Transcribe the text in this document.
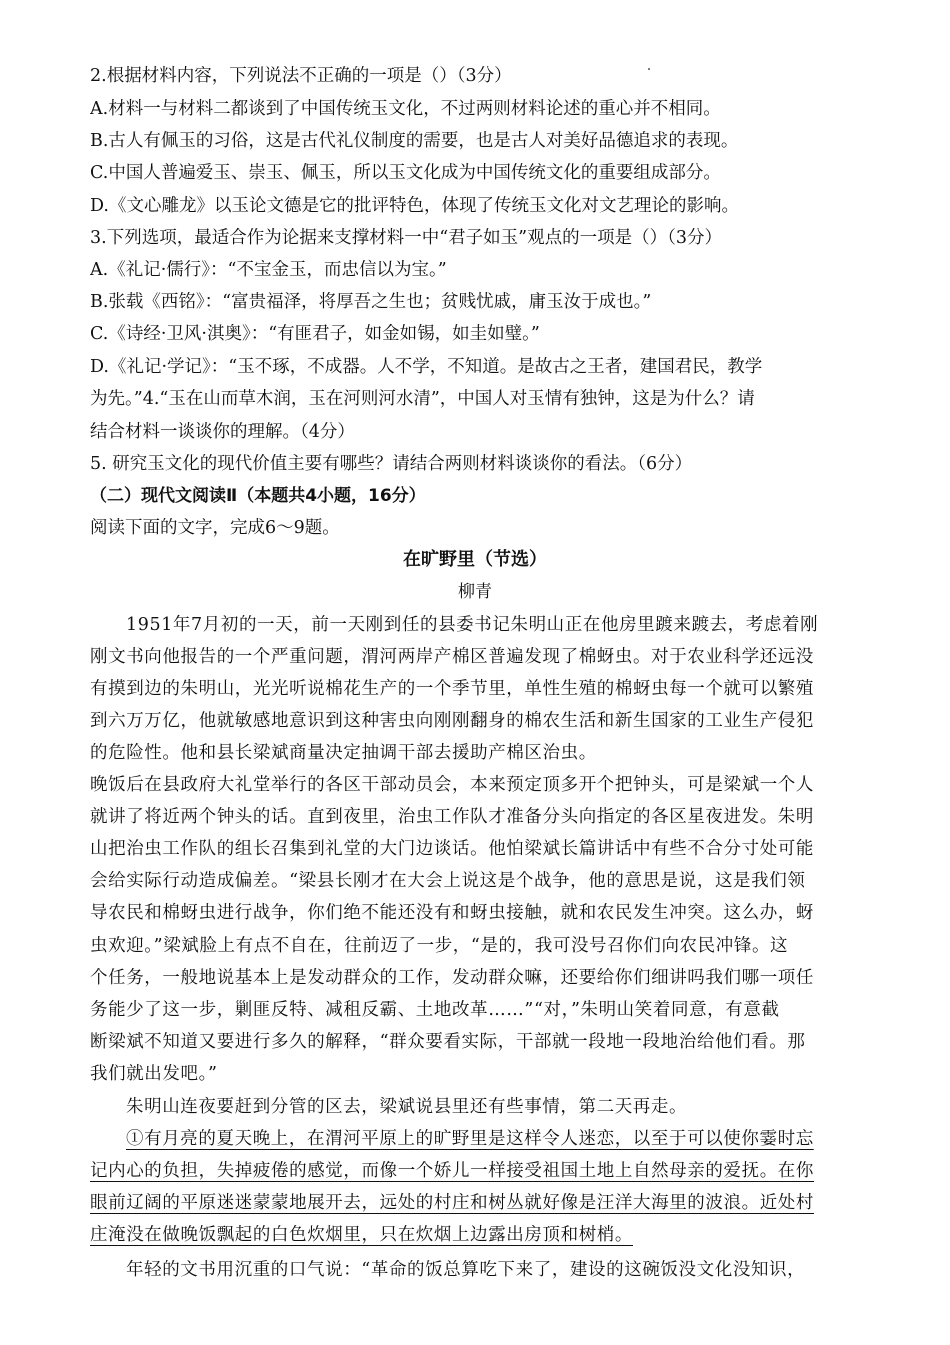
2.根据材料内容，下列说法不正确的一项是（）（3分）
A.材料一与材料二都谈到了中国传统玉文化，不过两则材料论述的重心并不相同。
B.古人有佩玉的习俗，这是古代礼仪制度的需要，也是古人对美好品德追求的表现。
C.中国人普遍爱玉、崇玉、佩玉，所以玉文化成为中国传统文化的重要组成部分。
D.《文心雕龙》以玉论文德是它的批评特色，体现了传统玉文化对文艺理论的影响。
3.下列选项，最适合作为论据来支撑材料一中“君子如玉”观点的一项是（）（3分）
A.《礼记·儒行》：“不宝金玉，而忠信以为宝。”
B.张载《西铭》：“富贵福泽，将厚吾之生也；贫贱忧戚，庸玉汝于成也。”
C.《诗经·卫风·淇奥》：“有匪君子，如金如锡，如圭如璧。”
D.《礼记·学记》：“玉不琢，不成器。人不学，不知道。是故古之王者，建国君民，教学
为先。”4.“玉在山而草木润，玉在河则河水清”，中国人对玉情有独钟，这是为什么？请
结合材料一谈谈你的理解。（4分）
5. 研究玉文化的现代价值主要有哪些？请结合两则材料谈谈你的看法。（6分）
（二）现代文阅读Ⅱ（本题共4小题，16分）
阅读下面的文字，完成6～9题。
在旷野里（节选）
柳青
1951年7月初的一天，前一天刚到任的县委书记朱明山正在他房里踱来踱去，考虑着刚
刚文书向他报告的一个严重问题，渭河两岸产棉区普遍发现了棉蚜虫。对于农业科学还远没
有摸到边的朱明山，光光听说棉花生产的一个季节里，单性生殖的棉蚜虫每一个就可以繁殖
到六万万亿，他就敏感地意识到这种害虫向刚刚翻身的棉农生活和新生国家的工业生产侵犯
的危险性。他和县长梁斌商量决定抽调干部去援助产棉区治虫。
晚饭后在县政府大礼堂举行的各区干部动员会，本来预定顶多开个把钟头，可是梁斌一个人
就讲了将近两个钟头的话。直到夜里，治虫工作队才准备分头向指定的各区星夜进发。朱明
山把治虫工作队的组长召集到礼堂的大门边谈话。他怕梁斌长篇讲话中有些不合分寸处可能
会给实际行动造成偏差。“梁县长刚才在大会上说这是个战争，他的意思是说，这是我们领
导农民和棉蚜虫进行战争，你们绝不能还没有和蚜虫接触，就和农民发生冲突。这么办，蚜
虫欢迎。”梁斌脸上有点不自在，往前迈了一步，“是的，我可没号召你们向农民冲锋。这
个任务，一般地说基本上是发动群众的工作，发动群众嘛，还要给你们细讲吗我们哪一项任
务能少了这一步，剿匪反特、减租反霸、土地改革……”“对，”朱明山笑着同意，有意截
断梁斌不知道又要进行多久的解释，“群众要看实际，干部就一段地一段地治给他们看。那
我们就出发吧。”
朱明山连夜要赶到分管的区去，梁斌说县里还有些事情，第二天再走。
①有月亮的夏天晚上，在渭河平原上的旷野里是这样令人迷恋，以至于可以使你霎时忘
记内心的负担，失掉疲倦的感觉，而像一个娇儿一样接受祖国土地上自然母亲的爱抚。在你
眼前辽阔的平原迷迷蒙蒙地展开去，远处的村庄和树丛就好像是汪洋大海里的波浪。近处村
庄淹没在做晚饭飘起的白色炊烟里，只在炊烟上边露出房顶和树梢。
年轻的文书用沉重的口气说：“革命的饭总算吃下来了，建设的这碗饭没文化没知识，
